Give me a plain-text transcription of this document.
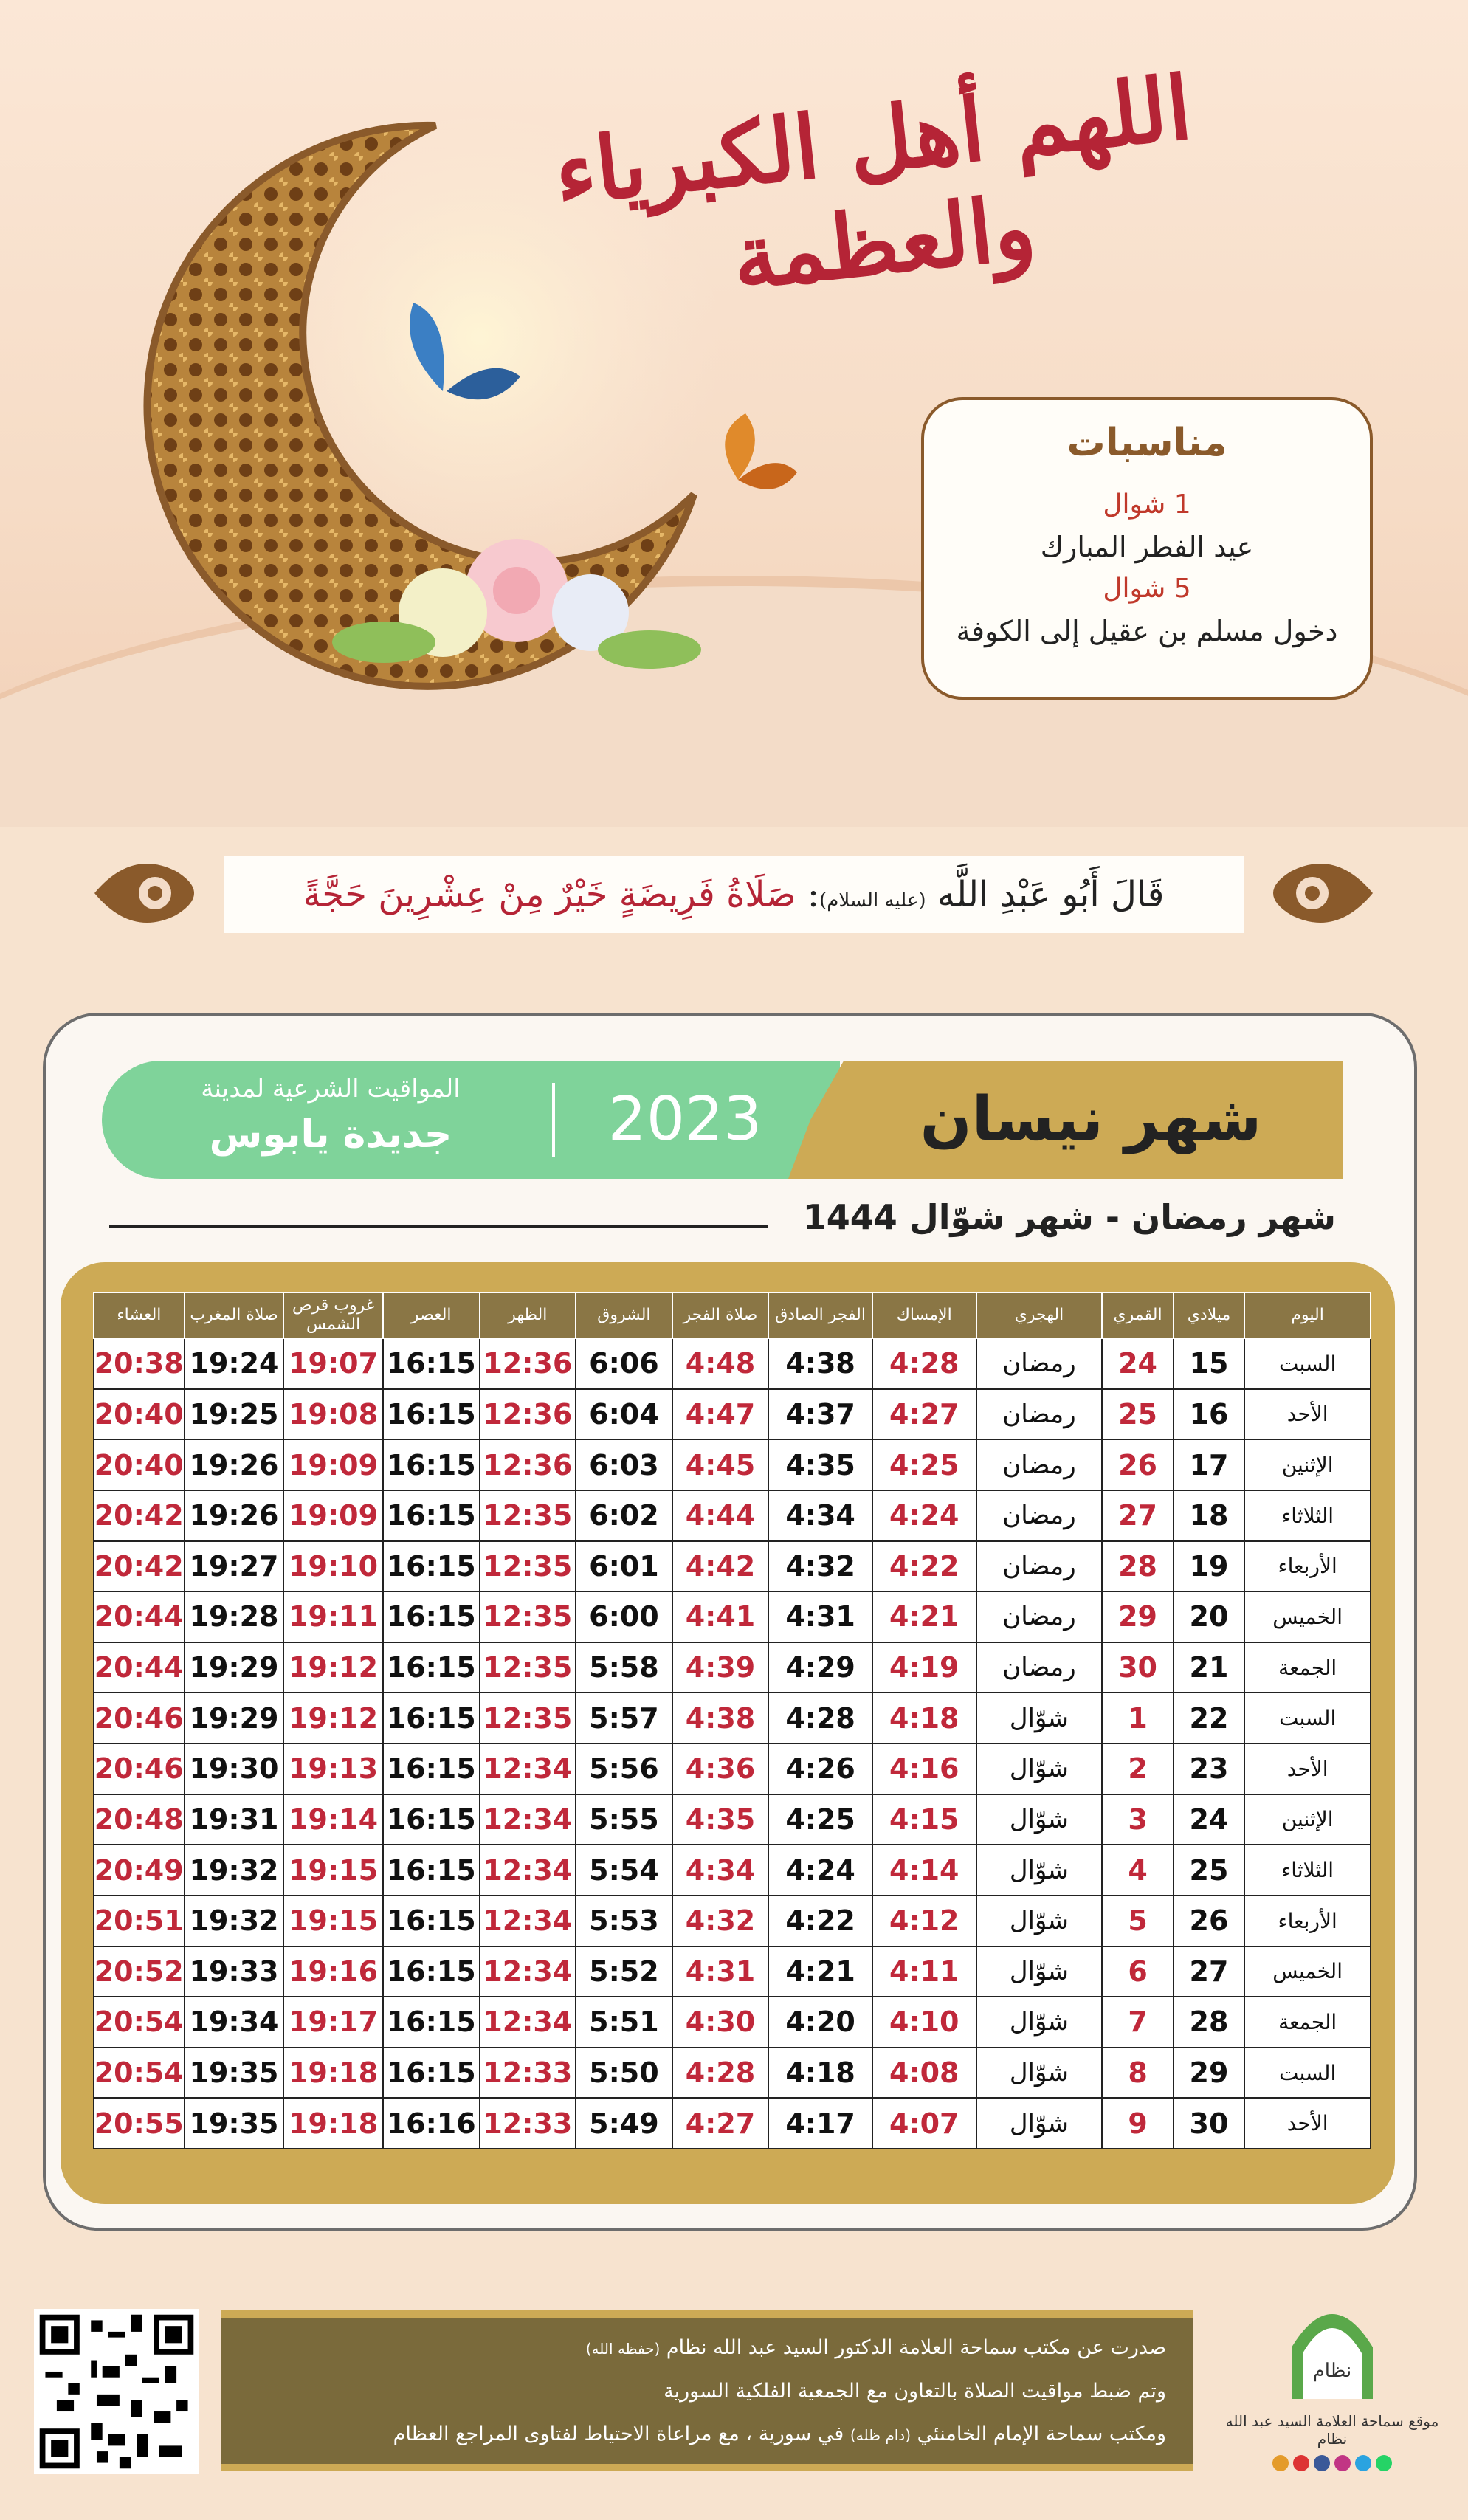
اللهم أهل الكبرياء والعظمة
مناسبات
1 شوال
عيد الفطر المبارك
5 شوال
دخول مسلم بن عقيل إلى الكوفة
قَالَ أَبُو عَبْدِ اللَّه (عليه السلام): صَلَاةُ فَرِيضَةٍ خَيْرٌ مِنْ عِشْرِينَ حَجَّةً
شهر نيسان
2023
المواقيت الشرعية لمدينة
جديدة يابوس
شهر رمضان - شهر شوّال 1444
اليوم	ميلادي	القمري	الهجري	الإمساك	الفجر الصادق	صلاة الفجر	الشروق	الظهر	العصر	غروب قرص الشمس	صلاة المغرب	العشاء
السبت	15	24	رمضان	4:28	4:38	4:48	6:06	12:36	16:15	19:07	19:24	20:38
الأحد	16	25	رمضان	4:27	4:37	4:47	6:04	12:36	16:15	19:08	19:25	20:40
الإثنين	17	26	رمضان	4:25	4:35	4:45	6:03	12:36	16:15	19:09	19:26	20:40
الثلاثاء	18	27	رمضان	4:24	4:34	4:44	6:02	12:35	16:15	19:09	19:26	20:42
الأربعاء	19	28	رمضان	4:22	4:32	4:42	6:01	12:35	16:15	19:10	19:27	20:42
الخميس	20	29	رمضان	4:21	4:31	4:41	6:00	12:35	16:15	19:11	19:28	20:44
الجمعة	21	30	رمضان	4:19	4:29	4:39	5:58	12:35	16:15	19:12	19:29	20:44
السبت	22	1	شوّال	4:18	4:28	4:38	5:57	12:35	16:15	19:12	19:29	20:46
الأحد	23	2	شوّال	4:16	4:26	4:36	5:56	12:34	16:15	19:13	19:30	20:46
الإثنين	24	3	شوّال	4:15	4:25	4:35	5:55	12:34	16:15	19:14	19:31	20:48
الثلاثاء	25	4	شوّال	4:14	4:24	4:34	5:54	12:34	16:15	19:15	19:32	20:49
الأربعاء	26	5	شوّال	4:12	4:22	4:32	5:53	12:34	16:15	19:15	19:32	20:51
الخميس	27	6	شوّال	4:11	4:21	4:31	5:52	12:34	16:15	19:16	19:33	20:52
الجمعة	28	7	شوّال	4:10	4:20	4:30	5:51	12:34	16:15	19:17	19:34	20:54
السبت	29	8	شوّال	4:08	4:18	4:28	5:50	12:33	16:15	19:18	19:35	20:54
الأحد	30	9	شوّال	4:07	4:17	4:27	5:49	12:33	16:16	19:18	19:35	20:55
صدرت عن مكتب سماحة العلامة الدكتور السيد عبد الله نظام (حفظه الله)
وتم ضبط مواقيت الصلاة بالتعاون مع الجمعية الفلكية السورية
ومكتب سماحة الإمام الخامنئي (دام ظله) في سورية ، مع مراعاة الاحتياط لفتاوى المراجع العظام
نظام
موقع سماحة العلامة السيد عبد الله نظام
